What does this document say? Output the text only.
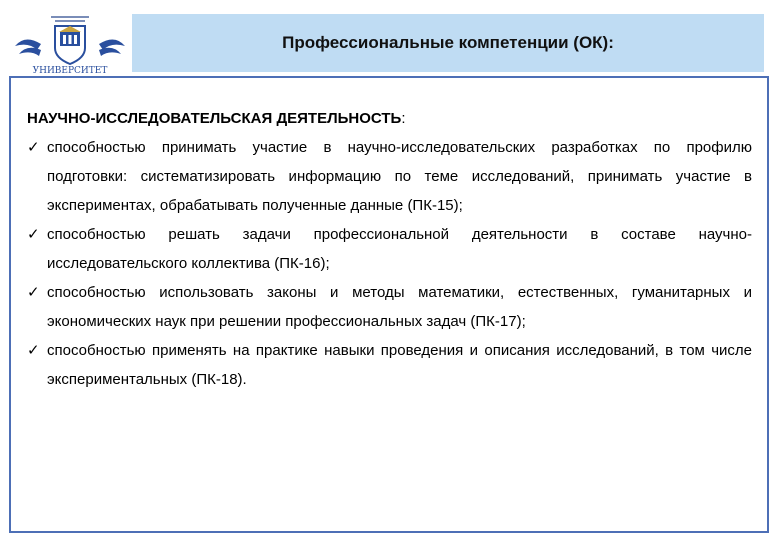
УНИВЕРСИТЕТ
Профессиональные компетенции (ОК):
НАУЧНО-ИССЛЕДОВАТЕЛЬСКАЯ ДЕЯТЕЛЬНОСТЬ:
✓ способностью принимать участие в научно-исследовательских разработках по профилю подготовки: систематизировать информацию по теме исследований, принимать участие в экспериментах, обрабатывать полученные данные (ПК-15);
✓ способностью решать задачи профессиональной деятельности в составе научно-исследовательского коллектива (ПК-16);
✓ способностью использовать законы и методы математики, естественных, гуманитарных и экономических наук при решении профессиональных задач (ПК-17);
✓ способностью применять на практике навыки проведения и описания исследований, в том числе экспериментальных (ПК-18).
